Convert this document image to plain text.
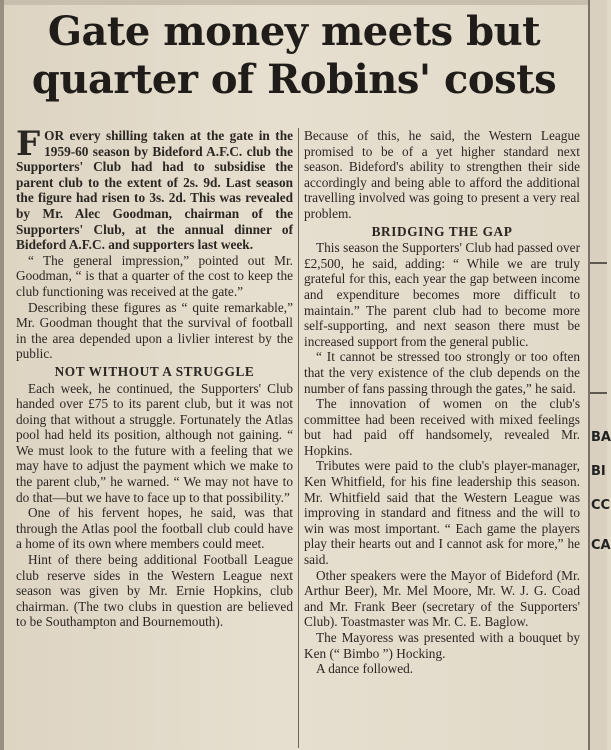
Gate money meets but
quarter of Robins' costs

FOR every shilling taken at the gate in the 1959-60 season by Bideford A.F.C. club the Supporters' Club had had to subsidise the parent club to the extent of 2s. 9d. Last season the figure had risen to 3s. 2d. This was revealed by Mr. Alec Goodman, chairman of the Supporters' Club, at the annual dinner of Bideford A.F.C. and supporters last week.

“ The general impression,” pointed out Mr. Goodman, “ is that a quarter of the cost to keep the club functioning was received at the gate.”

Describing these figures as “ quite remarkable,” Mr. Goodman thought that the survival of football in the area depended upon a livlier interest by the public.

NOT WITHOUT A STRUGGLE

Each week, he continued, the Supporters' Club handed over £75 to its parent club, but it was not doing that without a struggle. Fortunately the Atlas pool had held its position, although not gaining. “ We must look to the future with a feeling that we may have to adjust the payment which we make to the parent club,” he warned. “ We may not have to do that—but we have to face up to that possibility.”

One of his fervent hopes, he said, was that through the Atlas pool the football club could have a home of its own where members could meet.

Hint of there being additional Football League club reserve sides in the Western League next season was given by Mr. Ernie Hopkins, club chairman. (The two clubs in question are believed to be Southampton and Bournemouth).

Because of this, he said, the Western League promised to be of a yet higher standard next season. Bideford's ability to strengthen their side accordingly and being able to afford the additional travelling involved was going to present a very real problem.

BRIDGING THE GAP

This season the Supporters' Club had passed over £2,500, he said, adding: “ While we are truly grateful for this, each year the gap between income and expenditure becomes more difficult to maintain.” The parent club had to become more self-supporting, and next season there must be increased support from the general public.

“ It cannot be stressed too strongly or too often that the very existence of the club depends on the number of fans passing through the gates,” he said.

The innovation of women on the club's committee had been received with mixed feelings but had paid off handsomely, revealed Mr. Hopkins.

Tributes were paid to the club's player-manager, Ken Whitfield, for his fine leadership this season. Mr. Whitfield said that the Western League was improving in standard and fitness and the will to win was most important. “ Each game the players play their hearts out and I cannot ask for more,” he said.

Other speakers were the Mayor of Bideford (Mr. Arthur Beer), Mr. Mel Moore, Mr. W. J. G. Coad and Mr. Frank Beer (secretary of the Supporters' Club). Toastmaster was Mr. C. E. Baglow.

The Mayoress was presented with a bouquet by Ken (“ Bimbo ”) Hocking.

A dance followed.

BA
BI
CC
CA
